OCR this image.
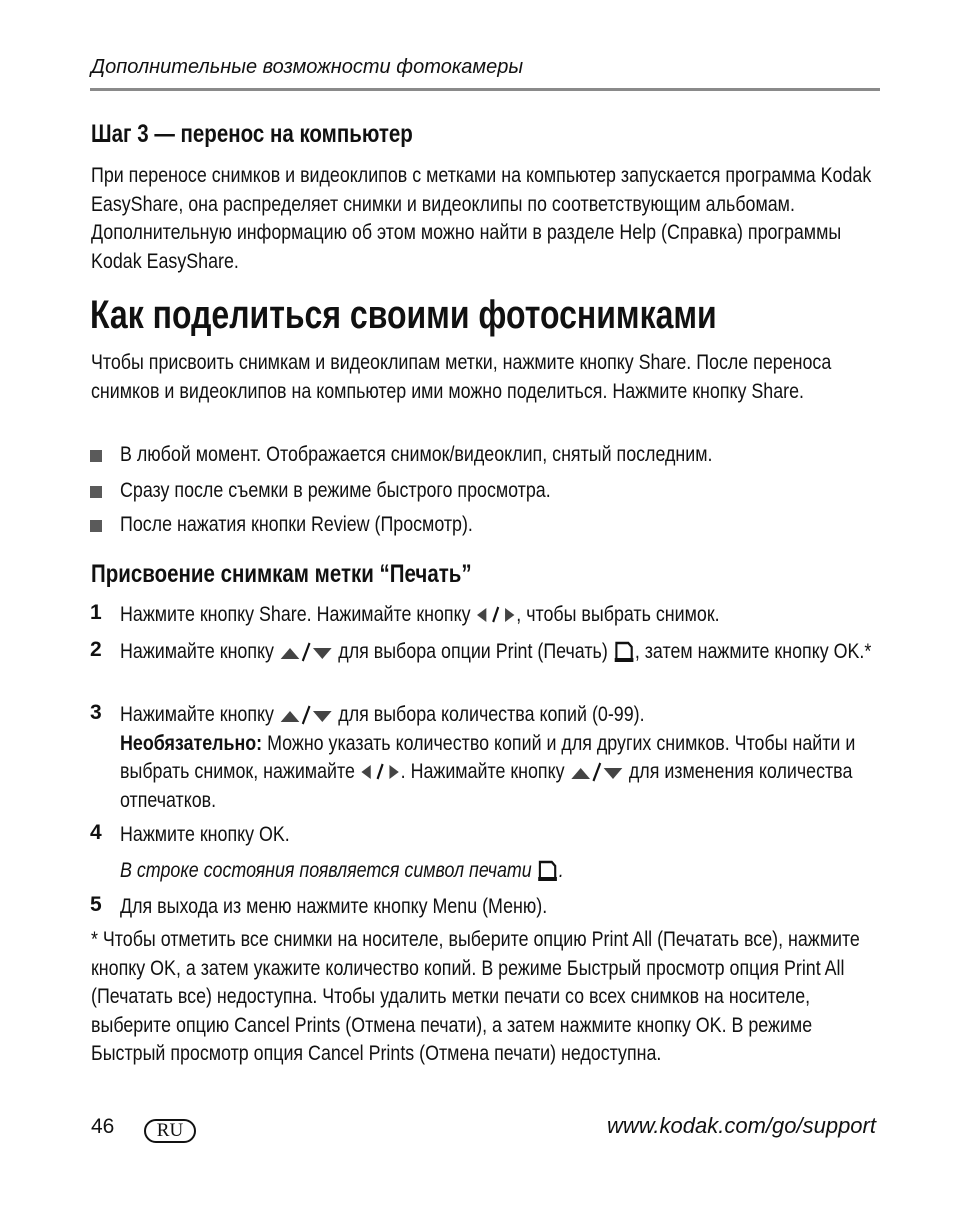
Дополнительные возможности фотокамеры
Шаг 3 — перенос на компьютер
При переносе снимков и видеоклипов с метками на компьютер запускается программа Kodak EasyShare, она распределяет снимки и видеоклипы по соответствующим альбомам. Дополнительную информацию об этом можно найти в разделе Help (Справка) программы Kodak EasyShare.
Как поделиться своими фотоснимками
Чтобы присвоить снимкам и видеоклипам метки, нажмите кнопку Share. После переноса снимков и видеоклипов на компьютер ими можно поделиться. Нажмите кнопку Share.
В любой момент. Отображается снимок/видеоклип, снятый последним.
Сразу после съемки в режиме быстрого просмотра.
После нажатия кнопки Review (Просмотр).
Присвоение снимкам метки “Печать”
1 Нажмите кнопку Share. Нажимайте кнопку , чтобы выбрать снимок.
2 Нажимайте кнопку	для выбора опции Print (Печать) , затем нажмите кнопку OK.*
3 Нажимайте кнопку	для выбора количества копий (0-99).
Необязательно: Можно указать количество копий и для других снимков. Чтобы найти и выбрать снимок, нажимайте . Нажимайте кнопку	для изменения количества отпечатков.
4 Нажмите кнопку OK.
В строке состояния появляется символ печати .
5 Для выхода из меню нажмите кнопку Menu (Меню).
* Чтобы отметить все снимки на носителе, выберите опцию Print All (Печатать все), нажмите кнопку OK, а затем укажите количество копий. В режиме Быстрый просмотр опция Print All (Печатать все) недоступна. Чтобы удалить метки печати со всех снимков на носителе, выберите опцию Cancel Prints (Отмена печати), а затем нажмите кнопку OK. В режиме Быстрый просмотр опция Cancel Prints (Отмена печати) недоступна.
46	RU	www.kodak.com/go/support
